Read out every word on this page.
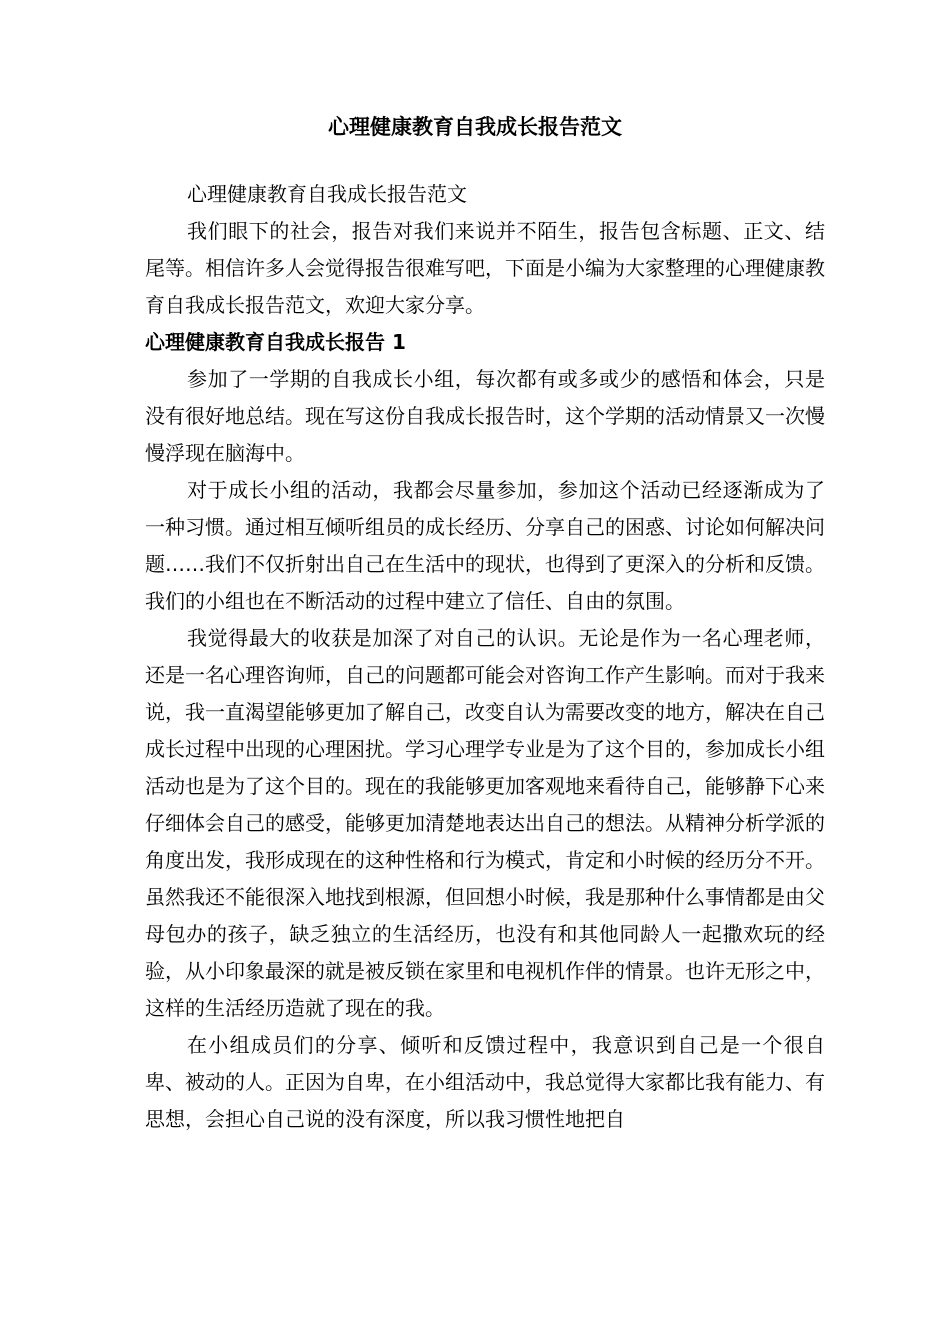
心理健康教育自我成长报告范文

心理健康教育自我成长报告范文

我们眼下的社会，报告对我们来说并不陌生，报告包含标题、正文、结尾等。相信许多人会觉得报告很难写吧，下面是小编为大家整理的心理健康教育自我成长报告范文，欢迎大家分享。

心理健康教育自我成长报告 1

参加了一学期的自我成长小组，每次都有或多或少的感悟和体会，只是没有很好地总结。现在写这份自我成长报告时，这个学期的活动情景又一次慢慢浮现在脑海中。

对于成长小组的活动，我都会尽量参加，参加这个活动已经逐渐成为了一种习惯。通过相互倾听组员的成长经历、分享自己的困惑、讨论如何解决问题……我们不仅折射出自己在生活中的现状，也得到了更深入的分析和反馈。我们的小组也在不断活动的过程中建立了信任、自由的氛围。

我觉得最大的收获是加深了对自己的认识。无论是作为一名心理老师，还是一名心理咨询师，自己的问题都可能会对咨询工作产生影响。而对于我来说，我一直渴望能够更加了解自己，改变自认为需要改变的地方，解决在自己成长过程中出现的心理困扰。学习心理学专业是为了这个目的，参加成长小组活动也是为了这个目的。现在的我能够更加客观地来看待自己，能够静下心来仔细体会自己的感受，能够更加清楚地表达出自己的想法。从精神分析学派的角度出发，我形成现在的这种性格和行为模式，肯定和小时候的经历分不开。虽然我还不能很深入地找到根源，但回想小时候，我是那种什么事情都是由父母包办的孩子，缺乏独立的生活经历，也没有和其他同龄人一起撒欢玩的经验，从小印象最深的就是被反锁在家里和电视机作伴的情景。也许无形之中，这样的生活经历造就了现在的我。

在小组成员们的分享、倾听和反馈过程中，我意识到自己是一个很自卑、被动的人。正因为自卑，在小组活动中，我总觉得大家都比我有能力、有思想，会担心自己说的没有深度，所以我习惯性地把自
